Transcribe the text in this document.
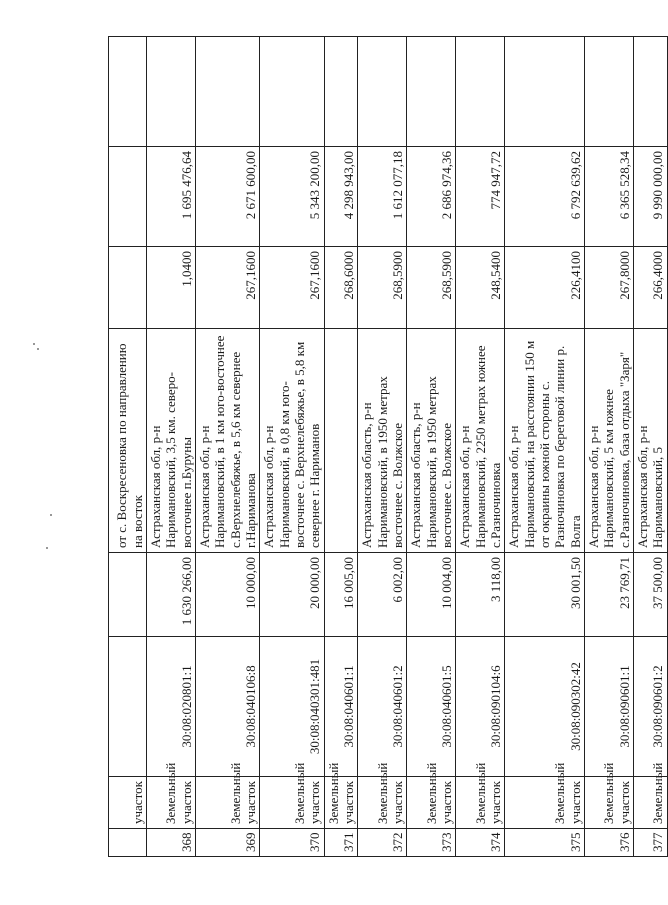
	участок			от с. Воскресеновка по направлению на восток			
368	Земельный участок	30:08:020801:1	1 630 266,00	Астраханская обл, р-н Наримановский, 3,5 км. северо-восточнее п.Буруны	1,0400	1 695 476,64	
369	Земельный участок	30:08:040106:8	10 000,00	Астраханская обл, р-н Наримановский, в 1 км юго-восточнее с.Верхнелебяжье, в 5,6 км севернее г.Нариманова	267,1600	2 671 600,00	
370	Земельный участок	30:08:040301:481	20 000,00	Астраханская обл, р-н Наримановский, в 0,8 км юго-восточнее с. Верхнелебяжье, в 5,8 км севернее г. Нариманов	267,1600	5 343 200,00	
371	Земельный участок	30:08:040601:1	16 005,00		268,6000	4 298 943,00	
372	Земельный участок	30:08:040601:2	6 002,00	Астраханская область, р-н Наримановский, в 1950 метрах восточнее с. Волжское	268,5900	1 612 077,18	
373	Земельный участок	30:08:040601:5	10 004,00	Астраханская область, р-н Наримановский, в 1950 метрах восточнее с. Волжское	268,5900	2 686 974,36	
374	Земельный участок	30:08:090104:6	3 118,00	Астраханская обл, р-н Наримановский, 2250 метрах южнее с.Разночиновка	248,5400	774 947,72	
375	Земельный участок	30:08:090302:42	30 001,50	Астраханская обл, р-н Наримановский, на расстоянии 150 м от окраины южной стороны с. Разночиновка по береговой линии р. Волга	226,4100	6 792 639,62	
376	Земельный участок	30:08:090601:1	23 769,71	Астраханская обл, р-н Наримановский, 5 км южнее с.Разночиновка, база отдыха "Заря"	267,8000	6 365 528,34	
377	Земельный	30:08:090601:2	37 500,00	Астраханская обл, р-н Наримановский, 5	266,4000	9 990 000,00	
